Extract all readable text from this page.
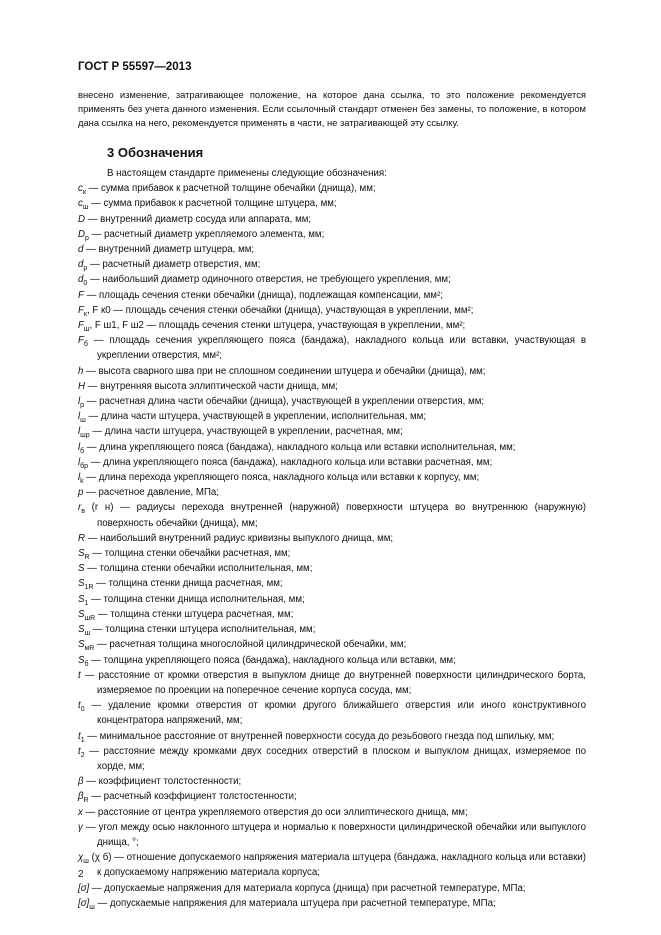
ГОСТ Р 55597—2013
внесено изменение, затрагивающее положение, на которое дана ссылка, то это положение рекомендуется применять без учета данного изменения. Если ссылочный стандарт отменен без замены, то положение, в котором дана ссылка на него, рекомендуется применять в части, не затрагивающей эту ссылку.
3 Обозначения
В настоящем стандарте применены следующие обозначения:
$c_к$ — сумма прибавок к расчетной толщине обечайки (днища), мм;
$c_ш$ — сумма прибавок к расчетной толщине штуцера, мм;
D — внутренний диаметр сосуда или аппарата, мм;
$D_р$ — расчетный диаметр укрепляемого элемента, мм;
d — внутренний диаметр штуцера, мм;
$d_р$ — расчетный диаметр отверстия, мм;
$d_0$ — наибольший диаметр одиночного отверстия, не требующего укрепления, мм;
F — площадь сечения стенки обечайки (днища), подлежащая компенсации, мм²;
$F_к$, F к0 — площадь сечения стенки обечайки (днища), участвующая в укреплении, мм²;
$F_ш$, F ш1, F ш2 — площадь сечения стенки штуцера, участвующая в укреплении, мм²;
$F_б$ — площадь сечения укрепляющего пояса (бандажа), накладного кольца или вставки, участвующая в укреплении отверстия, мм²;
h — высота сварного шва при не сплошном соединении штуцера и обечайки (днища), мм;
H — внутренняя высота эллиптической части днища, мм;
$l_р$ — расчетная длина части обечайки (днища), участвующей в укреплении отверстия, мм;
$l_ш$ — длина части штуцера, участвующей в укреплении, исполнительная, мм;
$l_{шр}$ — длина части штуцера, участвующей в укреплении, расчетная, мм;
$l_б$ — длина укрепляющего пояса (бандажа), накладного кольца или вставки исполнительная, мм;
$l_{бр}$ — длина укрепляющего пояса (бандажа), накладного кольца или вставки расчетная, мм;
$l_k$ — длина перехода укрепляющего пояса, накладного кольца или вставки к корпусу, мм;
p — расчетное давление, МПа;
$r_в$ (r н) — радиусы перехода внутренней (наружной) поверхности штуцера во внутреннюю (наружную) поверхность обечайки (днища), мм;
R — наибольший внутренний радиус кривизны выпуклого днища, мм;
$S_R$ — толщина стенки обечайки расчетная, мм;
S — толщина стенки обечайки исполнительная, мм;
$S_{1R}$ — толщина стенки днища расчетная, мм;
$S_1$ — толщина стенки днища исполнительная, мм;
$S_{шR}$ — толщина стенки штуцера расчетная, мм;
$S_ш$ — толщина стенки штуцера исполнительная, мм;
$S_{мR}$ — расчетная толщина многослойной цилиндрической обечайки, мм;
$S_б$ — толщина укрепляющего пояса (бандажа), накладного кольца или вставки, мм;
t — расстояние от кромки отверстия в выпуклом днище до внутренней поверхности цилиндрического борта, измеряемое по проекции на поперечное сечение корпуса сосуда, мм;
$t_0$ — удаление кромки отверстия от кромки другого ближайшего отверстия или иного конструктивного концентратора напряжений, мм;
$t_1$ — минимальное расстояние от внутренней поверхности сосуда до резьбового гнезда под шпильку, мм;
$t_2$ — расстояние между кромками двух соседних отверстий в плоском и выпуклом днищах, измеряемое по хорде, мм;
β — коэффициент толстостенности;
$\beta_R$ — расчетный коэффициент толстостенности;
x — расстояние от центра укрепляемого отверстия до оси эллиптического днища, мм;
γ — угол между осью наклонного штуцера и нормалью к поверхности цилиндрической обечайки или выпуклого днища, °;
$\chi_ш$ (χ б) — отношение допускаемого напряжения материала штуцера (бандажа, накладного кольца или вставки) к допускаемому напряжению материала корпуса;
[σ] — допускаемые напряжения для материала корпуса (днища) при расчетной температуре, МПа;
$[\sigma]_ш$ — допускаемые напряжения для материала штуцера при расчетной температуре, МПа;
2
